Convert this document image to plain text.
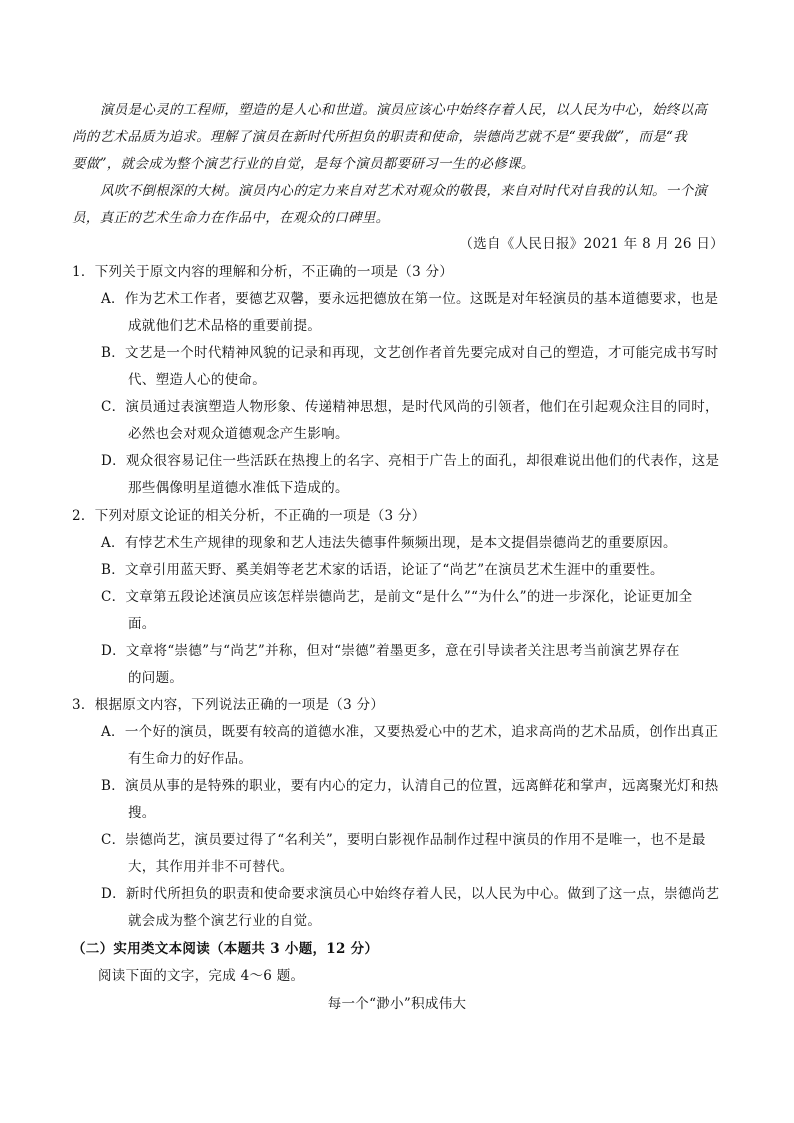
演员是心灵的工程师，塑造的是人心和世道。演员应该心中始终存着人民，以人民为中心，始终以高
尚的艺术品质为追求。理解了演员在新时代所担负的职责和使命，崇德尚艺就不是“要我做”，而是“我
要做”，就会成为整个演艺行业的自觉，是每个演员都要研习一生的必修课。
风吹不倒根深的大树。演员内心的定力来自对艺术对观众的敬畏，来自对时代对自我的认知。一个演
员，真正的艺术生命力在作品中，在观众的口碑里。
（选自《人民日报》2021 年 8 月 26 日）
1．下列关于原文内容的理解和分析，不正确的一项是（3 分）
A．作为艺术工作者，要德艺双馨，要永远把德放在第一位。这既是对年轻演员的基本道德要求，也是
成就他们艺术品格的重要前提。
B．文艺是一个时代精神风貌的记录和再现，文艺创作者首先要完成对自己的塑造，才可能完成书写时
代、塑造人心的使命。
C．演员通过表演塑造人物形象、传递精神思想，是时代风尚的引领者，他们在引起观众注目的同时，
必然也会对观众道德观念产生影响。
D．观众很容易记住一些活跃在热搜上的名字、亮相于广告上的面孔，却很难说出他们的代表作，这是
那些偶像明星道德水准低下造成的。
2．下列对原文论证的相关分析，不正确的一项是（3 分）
A．有悖艺术生产规律的现象和艺人违法失德事件频频出现，是本文提倡崇德尚艺的重要原因。
B．文章引用蓝天野、奚美娟等老艺术家的话语，论证了“尚艺”在演员艺术生涯中的重要性。
C．文章第五段论述演员应该怎样崇德尚艺，是前文“是什么”“为什么”的进一步深化，论证更加全
面。
D．文章将“崇德”与“尚艺”并称，但对“崇德”着墨更多，意在引导读者关注思考当前演艺界存在
的问题。
3．根据原文内容，下列说法正确的一项是（3 分）
A．一个好的演员，既要有较高的道德水准，又要热爱心中的艺术，追求高尚的艺术品质，创作出真正
有生命力的好作品。
B．演员从事的是特殊的职业，要有内心的定力，认清自己的位置，远离鲜花和掌声，远离聚光灯和热
搜。
C．崇德尚艺，演员要过得了“名利关”，要明白影视作品制作过程中演员的作用不是唯一，也不是最
大，其作用并非不可替代。
D．新时代所担负的职责和使命要求演员心中始终存着人民，以人民为中心。做到了这一点，崇德尚艺
就会成为整个演艺行业的自觉。
（二）实用类文本阅读（本题共 3 小题，12 分）
阅读下面的文字，完成 4～6 题。
每一个“渺小”积成伟大
